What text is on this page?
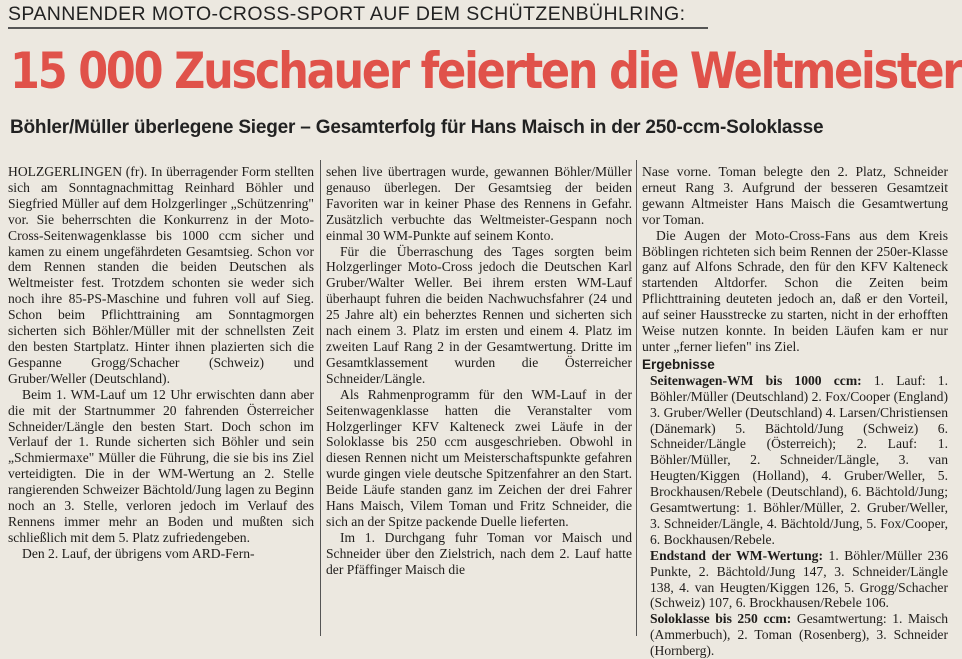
SPANNENDER MOTO-CROSS-SPORT AUF DEM SCHÜTZENBÜHLRING:
15 000 Zuschauer feierten die Weltmeister
Böhler/Müller überlegene Sieger – Gesamterfolg für Hans Maisch in der 250-ccm-Soloklasse

HOLZGERLINGEN (fr). In überragender Form stellten sich am Sonntagnachmittag Reinhard Böhler und Siegfried Müller auf dem Holzgerlinger „Schützenring" vor. Sie beherrschten die Konkurrenz in der Moto-Cross-Seitenwagenklasse bis 1000 ccm sicher und kamen zu einem ungefährdeten Gesamtsieg. Schon vor dem Rennen standen die beiden Deutschen als Weltmeister fest. Trotzdem schonten sie weder sich noch ihre 85-PS-Maschine und fuhren voll auf Sieg. Schon beim Pflichttraining am Sonntagmorgen sicherten sich Böhler/Müller mit der schnellsten Zeit den besten Startplatz. Hinter ihnen plazierten sich die Gespanne Grogg/Schacher (Schweiz) und Gruber/Weller (Deutschland).

Beim 1. WM-Lauf um 12 Uhr erwischten dann aber die mit der Startnummer 20 fahrenden Österreicher Schneider/Längle den besten Start. Doch schon im Verlauf der 1. Runde sicherten sich Böhler und sein „Schmiermaxe" Müller die Führung, die sie bis ins Ziel verteidigten. Die in der WM-Wertung an 2. Stelle rangierenden Schweizer Bächtold/Jung lagen zu Beginn noch an 3. Stelle, verloren jedoch im Verlauf des Rennens immer mehr an Boden und mußten sich schließlich mit dem 5. Platz zufriedengeben.

Den 2. Lauf, der übrigens vom ARD-Fern-

sehen live übertragen wurde, gewannen Böhler/Müller genauso überlegen. Der Gesamtsieg der beiden Favoriten war in keiner Phase des Rennens in Gefahr. Zusätzlich verbuchte das Weltmeister-Gespann noch einmal 30 WM-Punkte auf seinem Konto.

Für die Überraschung des Tages sorgten beim Holzgerlinger Moto-Cross jedoch die Deutschen Karl Gruber/Walter Weller. Bei ihrem ersten WM-Lauf überhaupt fuhren die beiden Nachwuchsfahrer (24 und 25 Jahre alt) ein beherztes Rennen und sicherten sich nach einem 3. Platz im ersten und einem 4. Platz im zweiten Lauf Rang 2 in der Gesamtwertung. Dritte im Gesamtklassement wurden die Österreicher Schneider/Längle.

Als Rahmenprogramm für den WM-Lauf in der Seitenwagenklasse hatten die Veranstalter vom Holzgerlinger KFV Kalteneck zwei Läufe in der Soloklasse bis 250 ccm ausgeschrieben. Obwohl in diesen Rennen nicht um Meisterschaftspunkte gefahren wurde gingen viele deutsche Spitzenfahrer an den Start. Beide Läufe standen ganz im Zeichen der drei Fahrer Hans Maisch, Vilem Toman und Fritz Schneider, die sich an der Spitze packende Duelle lieferten.

Im 1. Durchgang fuhr Toman vor Maisch und Schneider über den Zielstrich, nach dem 2. Lauf hatte der Pfäffinger Maisch die

Nase vorne. Toman belegte den 2. Platz, Schneider erneut Rang 3. Aufgrund der besseren Gesamtzeit gewann Altmeister Hans Maisch die Gesamtwertung vor Toman.

Die Augen der Moto-Cross-Fans aus dem Kreis Böblingen richteten sich beim Rennen der 250er-Klasse ganz auf Alfons Schrade, den für den KFV Kalteneck startenden Altdorfer. Schon die Zeiten beim Pflichttraining deuteten jedoch an, daß er den Vorteil, auf seiner Hausstrecke zu starten, nicht in der erhofften Weise nutzen konnte. In beiden Läufen kam er nur unter „ferner liefen" ins Ziel.

Ergebnisse

Seitenwagen-WM bis 1000 ccm: 1. Lauf: 1. Böhler/Müller (Deutschland) 2. Fox/Cooper (England) 3. Gruber/Weller (Deutschland) 4. Larsen/Christiensen (Dänemark) 5. Bächtold/Jung (Schweiz) 6. Schneider/Längle (Österreich); 2. Lauf: 1. Böhler/Müller, 2. Schneider/Längle, 3. van Heugten/Kiggen (Holland), 4. Gruber/Weller, 5. Brockhausen/Rebele (Deutschland), 6. Bächtold/Jung; Gesamtwertung: 1. Böhler/Müller, 2. Gruber/Weller, 3. Schneider/Längle, 4. Bächtold/Jung, 5. Fox/Cooper, 6. Bockhausen/Rebele.

Endstand der WM-Wertung: 1. Böhler/Müller 236 Punkte, 2. Bächtold/Jung 147, 3. Schneider/Längle 138, 4. van Heugten/Kiggen 126, 5. Grogg/Schacher (Schweiz) 107, 6. Brockhausen/Rebele 106.

Soloklasse bis 250 ccm: Gesamtwertung: 1. Maisch (Ammerbuch), 2. Toman (Rosenberg), 3. Schneider (Hornberg).
